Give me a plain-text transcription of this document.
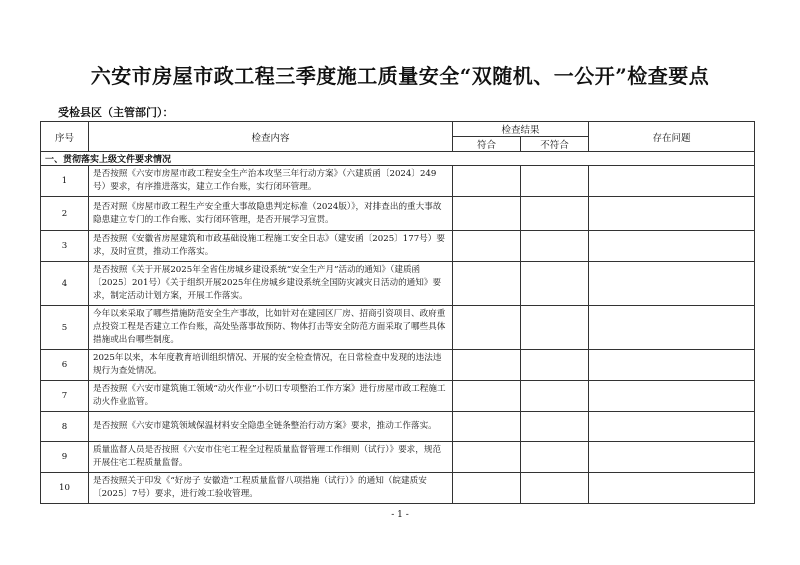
六安市房屋市政工程三季度施工质量安全“双随机、一公开”检查要点
受检县区（主管部门）：
序号	检查内容	检查结果		存在问题
		符合	不符合	
一、贯彻落实上级文件要求情况				
1	是否按照《六安市房屋市政工程安全生产治本攻坚三年行动方案》（六建质函〔2024〕249号）要求，有序推进落实，建立工作台账，实行闭环管理。			
2	是否对照《房屋市政工程生产安全重大事故隐患判定标准（2024版）》，对排查出的重大事故隐患建立专门的工作台账、实行闭环管理，是否开展学习宣贯。			
3	是否按照《安徽省房屋建筑和市政基础设施工程施工安全日志》（建安函〔2025〕177号）要求，及时宣贯，推动工作落实。			
4	是否按照《关于开展2025年全省住房城乡建设系统“安全生产月”活动的通知》（建质函〔2025〕201号）《关于组织开展2025年住房城乡建设系统全国防灾减灾日活动的通知》要求，制定活动计划方案，开展工作落实。			
5	今年以来采取了哪些措施防范安全生产事故，比如针对在建园区厂房、招商引资项目、政府重点投资工程是否建立工作台账，高处坠落事故预防、物体打击等安全防范方面采取了哪些具体措施或出台哪些制度。			
6	2025年以来，本年度教育培训组织情况、开展的安全检查情况，在日常检查中发现的违法违规行为查处情况。			
7	是否按照《六安市建筑施工领域“动火作业”小切口专项整治工作方案》进行房屋市政工程施工动火作业监管。			
8	是否按照《六安市建筑领域保温材料安全隐患全链条整治行动方案》要求，推动工作落实。			
9	质量监督人员是否按照《六安市住宅工程全过程质量监督管理工作细则（试行）》要求，规范开展住宅工程质量监督。			
10	是否按照关于印发《“好房子 安徽造”工程质量监督八项措施（试行）》的通知（皖建质安〔2025〕7号）要求，进行竣工验收管理。			
- 1 -
